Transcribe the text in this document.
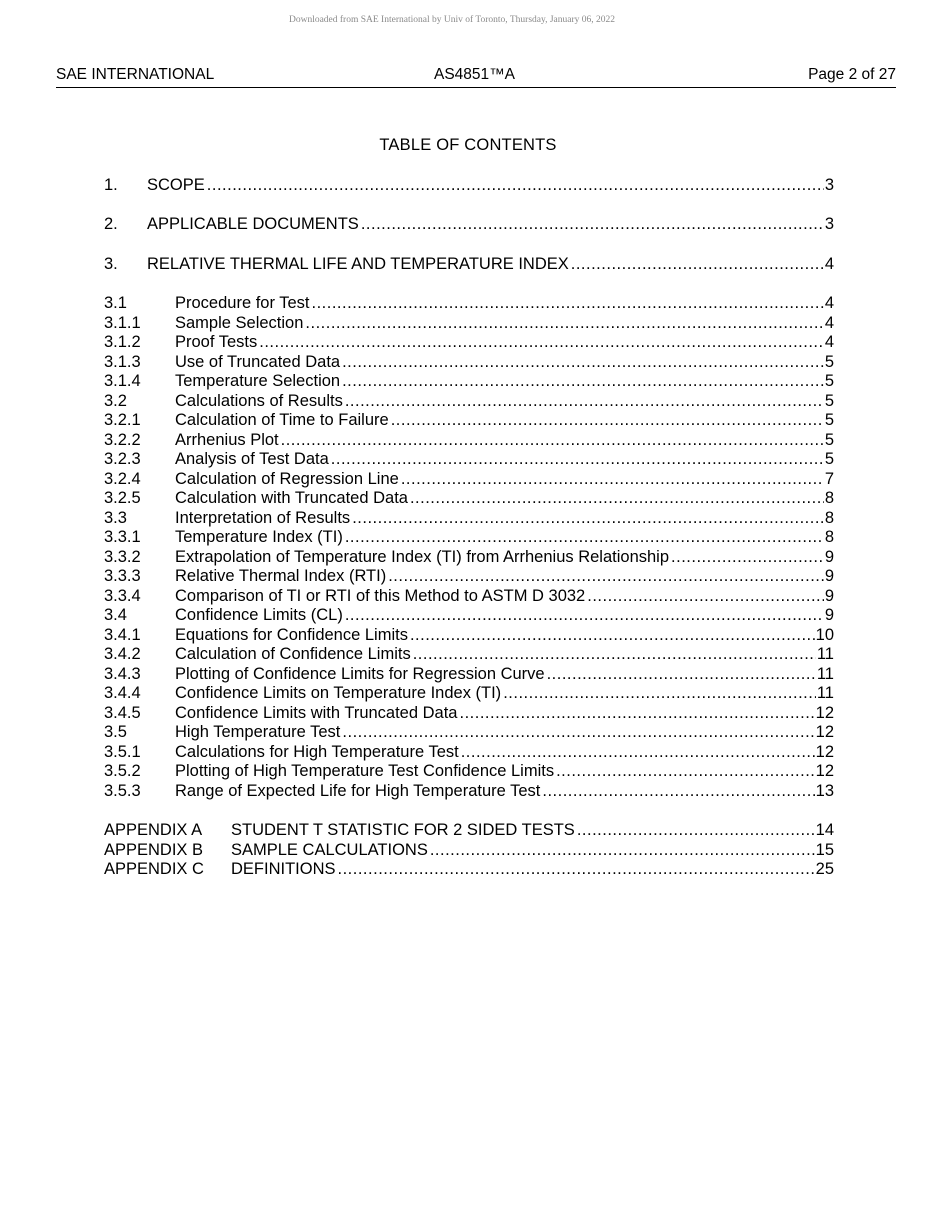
Downloaded from SAE International by Univ of Toronto, Thursday, January 06, 2022
SAE INTERNATIONAL	AS4851™A	Page 2 of 27
TABLE OF CONTENTS
1.	SCOPE .....	3
2.	APPLICABLE DOCUMENTS .....	3
3.	RELATIVE THERMAL LIFE AND TEMPERATURE INDEX .....	4
3.1	Procedure for Test .....	4
3.1.1	Sample Selection .....	4
3.1.2	Proof Tests .....	4
3.1.3	Use of Truncated Data .....	5
3.1.4	Temperature Selection .....	5
3.2	Calculations of Results .....	5
3.2.1	Calculation of Time to Failure .....	5
3.2.2	Arrhenius Plot .....	5
3.2.3	Analysis of Test Data .....	5
3.2.4	Calculation of Regression Line .....	7
3.2.5	Calculation with Truncated Data .....	8
3.3	Interpretation of Results .....	8
3.3.1	Temperature Index (TI) .....	8
3.3.2	Extrapolation of Temperature Index (TI) from Arrhenius Relationship .....	9
3.3.3	Relative Thermal Index (RTI) .....	9
3.3.4	Comparison of TI or RTI of this Method to ASTM D 3032 .....	9
3.4	Confidence Limits (CL) .....	9
3.4.1	Equations for Confidence Limits .....	10
3.4.2	Calculation of Confidence Limits .....	11
3.4.3	Plotting of Confidence Limits for Regression Curve .....	11
3.4.4	Confidence Limits on Temperature Index (TI) .....	11
3.4.5	Confidence Limits with Truncated Data .....	12
3.5	High Temperature Test .....	12
3.5.1	Calculations for High Temperature Test .....	12
3.5.2	Plotting of High Temperature Test Confidence Limits .....	12
3.5.3	Range of Expected Life for High Temperature Test .....	13
APPENDIX A	STUDENT T STATISTIC FOR 2 SIDED TESTS .....	14
APPENDIX B	SAMPLE CALCULATIONS .....	15
APPENDIX C	DEFINITIONS .....	25
